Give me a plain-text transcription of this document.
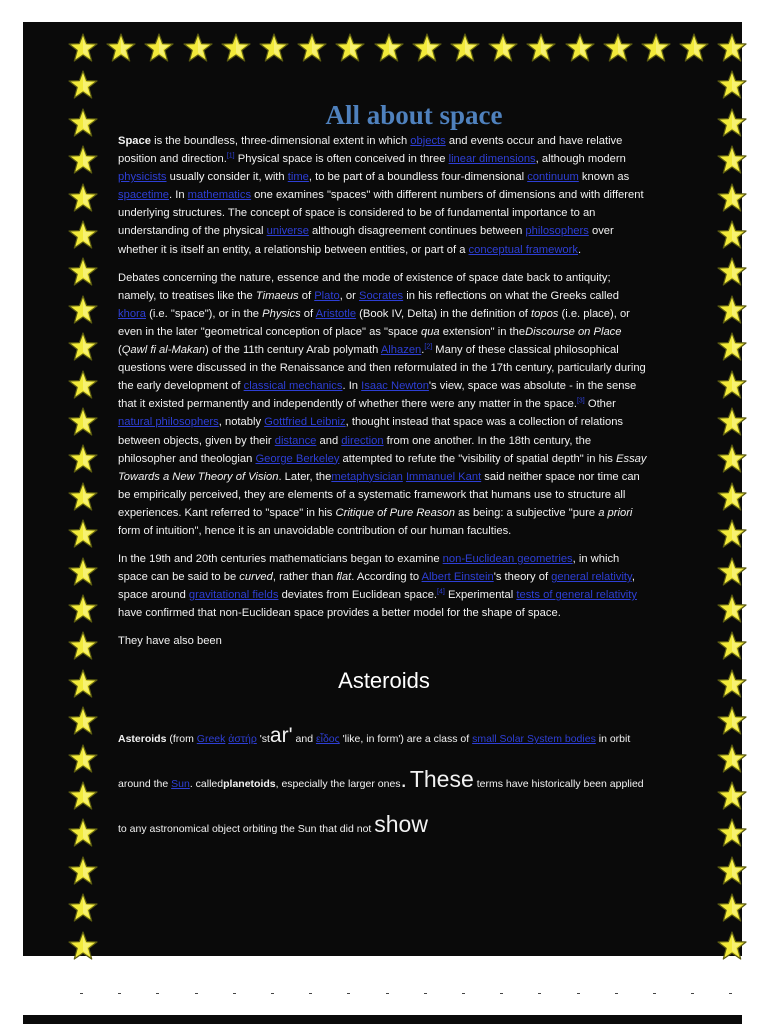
All about space

Space is the boundless, three-dimensional extent in which objects and events occur and have relative position and direction.[1] Physical space is often conceived in three linear dimensions, although modern physicists usually consider it, with time, to be part of a boundless four-dimensional continuum known as spacetime. In mathematics one examines "spaces" with different numbers of dimensions and with different underlying structures. The concept of space is considered to be of fundamental importance to an understanding of the physical universe although disagreement continues between philosophers over whether it is itself an entity, a relationship between entities, or part of a conceptual framework.

Debates concerning the nature, essence and the mode of existence of space date back to antiquity; namely, to treatises like the Timaeus of Plato, or Socrates in his reflections on what the Greeks called khora (i.e. "space"), or in the Physics of Aristotle (Book IV, Delta) in the definition of topos (i.e. place), or even in the later "geometrical conception of place" as "space qua extension" in theDiscourse on Place (Qawl fi al-Makan) of the 11th century Arab polymath Alhazen.[2] Many of these classical philosophical questions were discussed in the Renaissance and then reformulated in the 17th century, particularly during the early development of classical mechanics. In Isaac Newton's view, space was absolute - in the sense that it existed permanently and independently of whether there were any matter in the space.[3] Other natural philosophers, notably Gottfried Leibniz, thought instead that space was a collection of relations between objects, given by their distance and direction from one another. In the 18th century, the philosopher and theologian George Berkeley attempted to refute the "visibility of spatial depth" in his Essay Towards a New Theory of Vision. Later, themetaphysician Immanuel Kant said neither space nor time can be empirically perceived, they are elements of a systematic framework that humans use to structure all experiences. Kant referred to "space" in his Critique of Pure Reason as being: a subjective "pure a priori form of intuition", hence it is an unavoidable contribution of our human faculties.

In the 19th and 20th centuries mathematicians began to examine non-Euclidean geometries, in which space can be said to be curved, rather than flat. According to Albert Einstein's theory of general relativity, space around gravitational fields deviates from Euclidean space.[4] Experimental tests of general relativity have confirmed that non-Euclidean space provides a better model for the shape of space.

They have also been

Asteroids

Asteroids (from Greek ἀστήρ 'star' and εἶδος 'like, in form') are a class of small Solar System bodies in orbit around the Sun. calledplanetoids, especially the larger ones. These terms have historically been applied to any astronomical object orbiting the Sun that did not show
